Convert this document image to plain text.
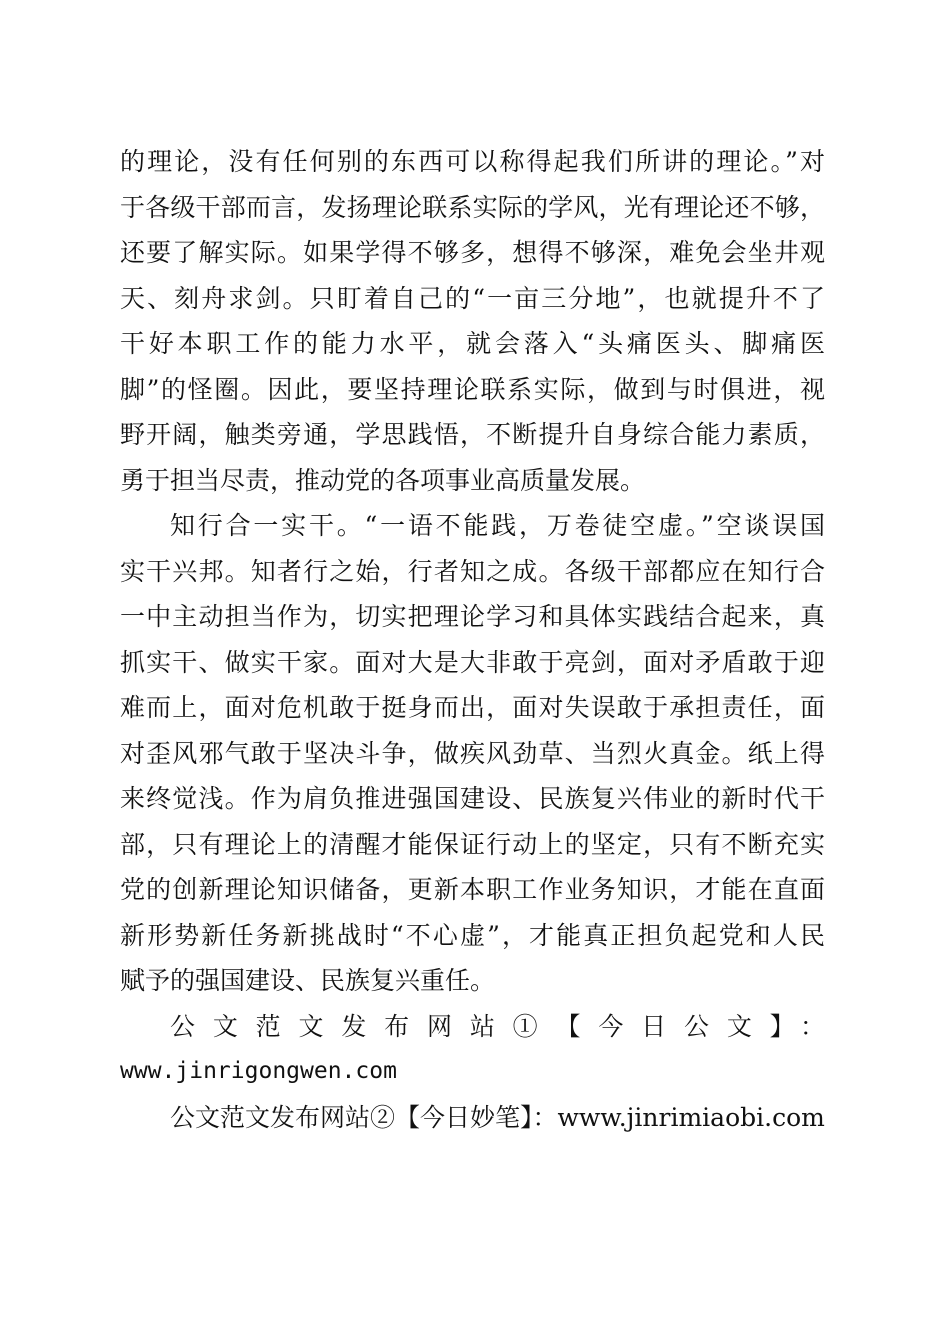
的理论，没有任何别的东西可以称得起我们所讲的理论。”对
于各级干部而言，发扬理论联系实际的学风，光有理论还不够，
还要了解实际。如果学得不够多，想得不够深，难免会坐井观
天、刻舟求剑。只盯着自己的“一亩三分地”，也就提升不了
干好本职工作的能力水平，就会落入“头痛医头、脚痛医
脚”的怪圈。因此，要坚持理论联系实际，做到与时俱进，视
野开阔，触类旁通，学思践悟，不断提升自身综合能力素质，
勇于担当尽责，推动党的各项事业高质量发展。
知行合一实干。“一语不能践，万卷徒空虚。”空谈误国
实干兴邦。知者行之始，行者知之成。各级干部都应在知行合
一中主动担当作为，切实把理论学习和具体实践结合起来，真
抓实干、做实干家。面对大是大非敢于亮剑，面对矛盾敢于迎
难而上，面对危机敢于挺身而出，面对失误敢于承担责任，面
对歪风邪气敢于坚决斗争，做疾风劲草、当烈火真金。纸上得
来终觉浅。作为肩负推进强国建设、民族复兴伟业的新时代干
部，只有理论上的清醒才能保证行动上的坚定，只有不断充实
党的创新理论知识储备，更新本职工作业务知识，才能在直面
新形势新任务新挑战时“不心虚”，才能真正担负起党和人民
赋予的强国建设、民族复兴重任。
公文范文发布网站①【今日公文】：
www.jinrigongwen.com
公文范文发布网站②【今日妙笔】：www.jinrimiaobi.com
